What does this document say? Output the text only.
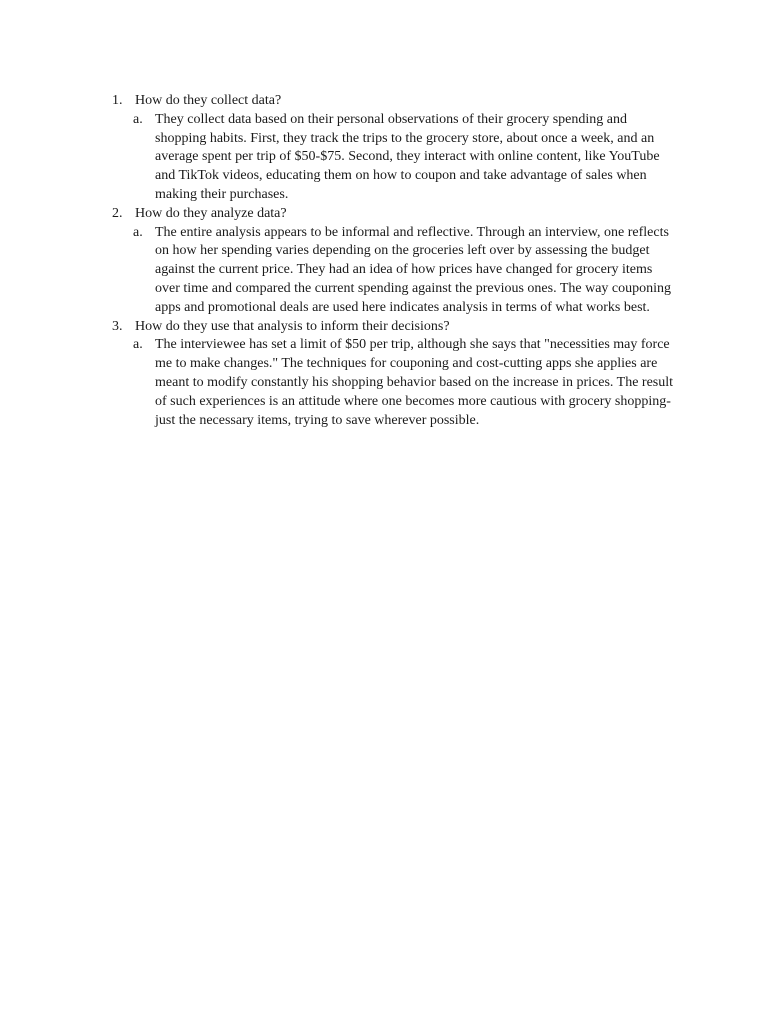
1. How do they collect data?
a. They collect data based on their personal observations of their grocery spending and shopping habits. First, they track the trips to the grocery store, about once a week, and an average spent per trip of $50-$75. Second, they interact with online content, like YouTube and TikTok videos, educating them on how to coupon and take advantage of sales when making their purchases.
2. How do they analyze data?
a. The entire analysis appears to be informal and reflective. Through an interview, one reflects on how her spending varies depending on the groceries left over by assessing the budget against the current price. They had an idea of how prices have changed for grocery items over time and compared the current spending against the previous ones. The way couponing apps and promotional deals are used here indicates analysis in terms of what works best.
3. How do they use that analysis to inform their decisions?
a. The interviewee has set a limit of $50 per trip, although she says that "necessities may force me to make changes." The techniques for couponing and cost-cutting apps she applies are meant to modify constantly his shopping behavior based on the increase in prices. The result of such experiences is an attitude where one becomes more cautious with grocery shopping-just the necessary items, trying to save wherever possible.
